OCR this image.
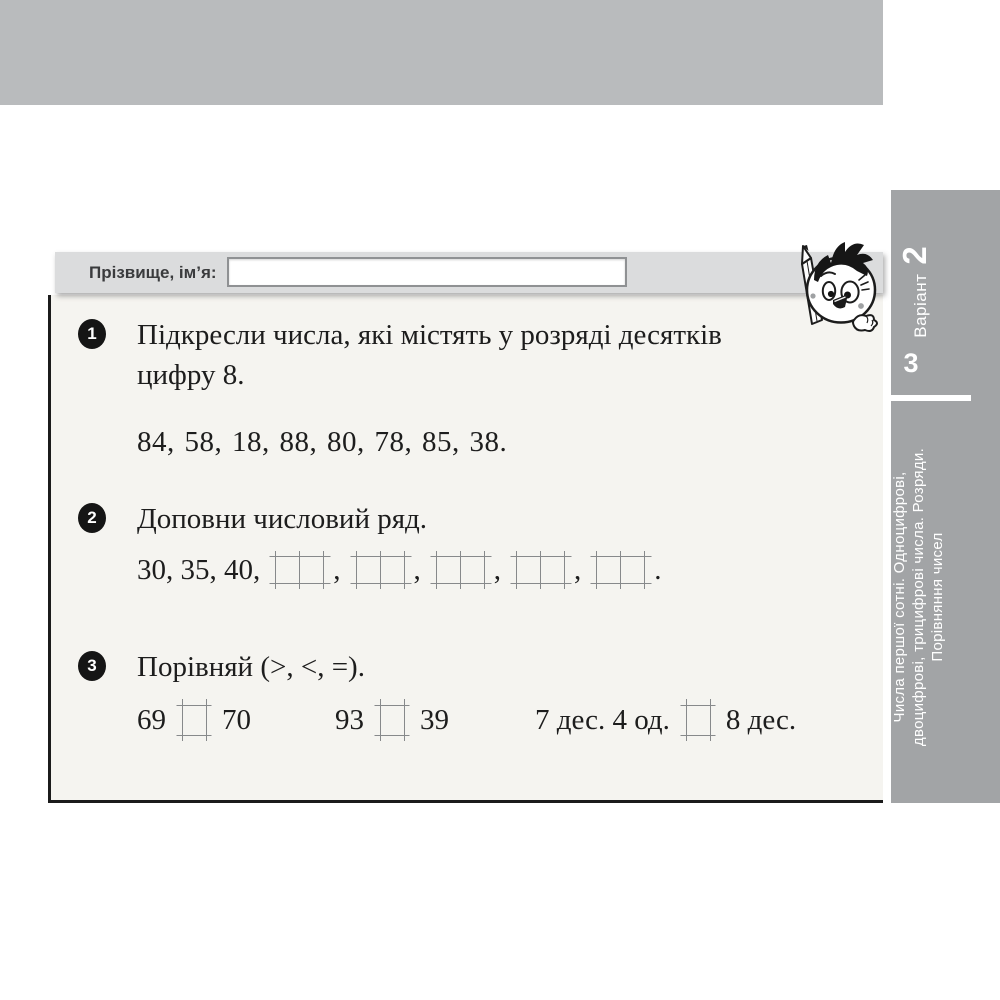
Варіант
2
3
Числа першої сотні. Одноцифрові, двоцифрові, трицифрові числа. Розряди. Порівняння чисел
Прізвище, ім’я:
1	Підкресли числа, які містять у розряді десятків
цифру 8.
84, 58, 18, 88, 80, 78, 85, 38.
2	Доповни числовий ряд.
30, 35, 40,	,	,	,	,	.
3	Порівняй (>, <, =).
69 70	93 39	7 дес. 4 од. 8 дес.
